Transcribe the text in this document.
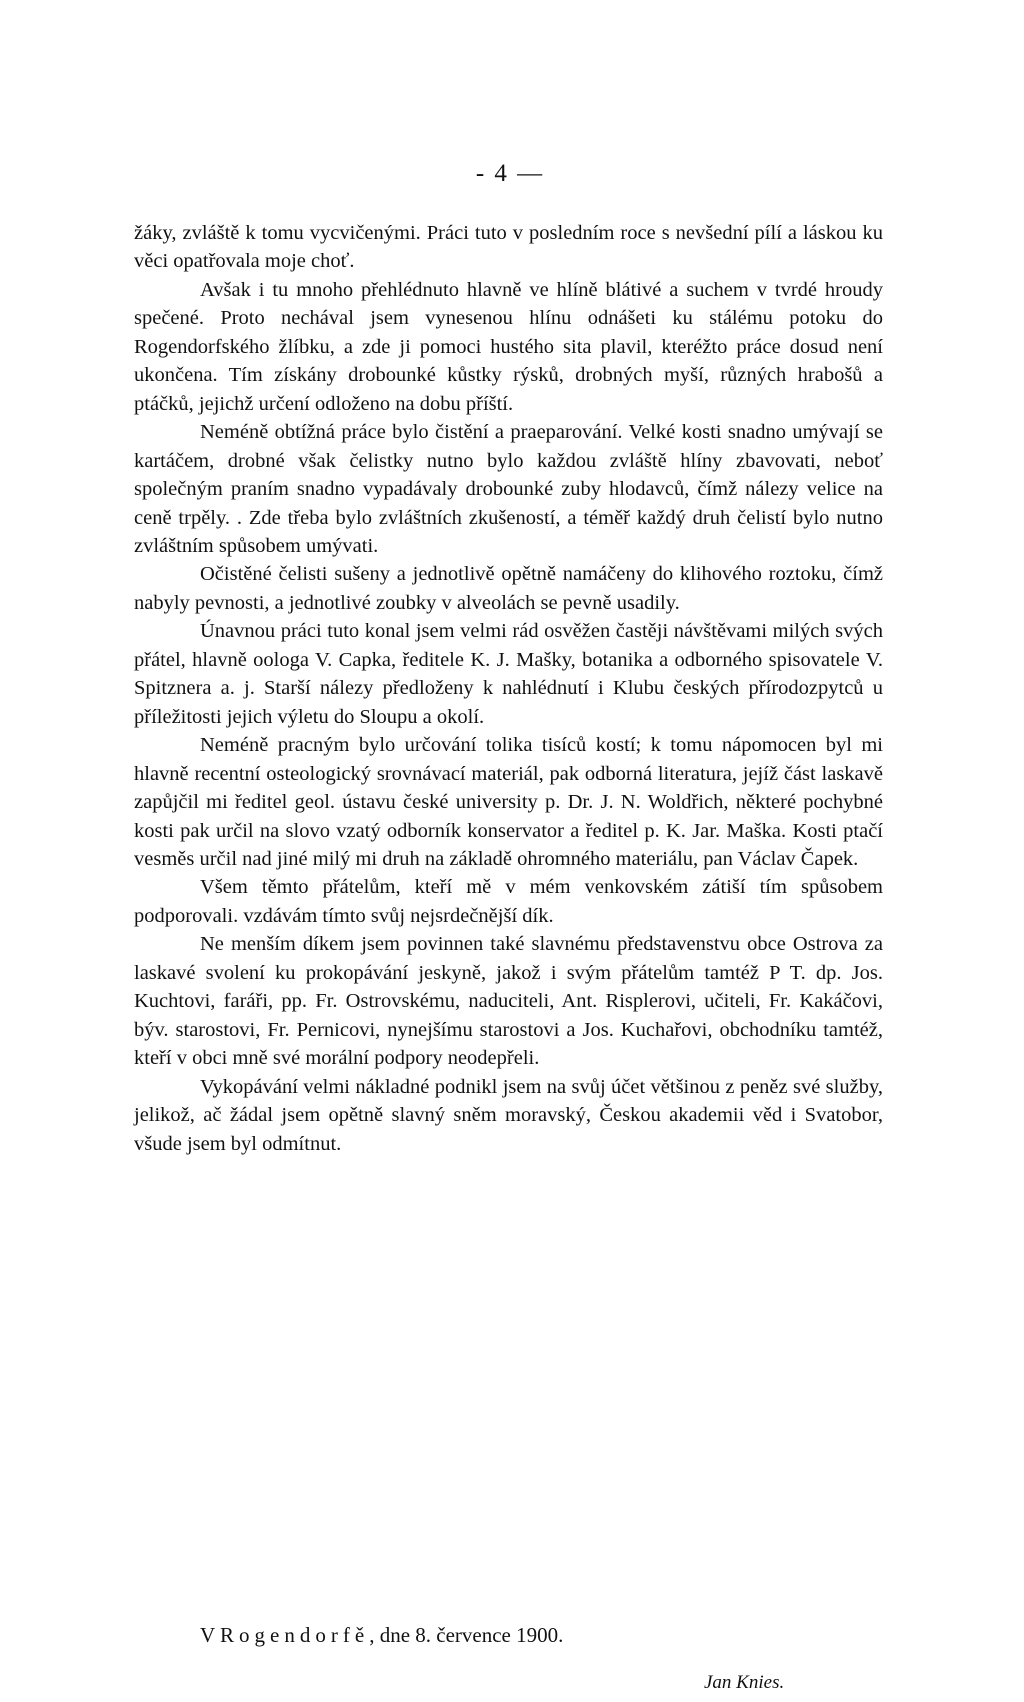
- 4 —

žáky, zvláště k tomu vycvičenými. Práci tuto v posledním roce s nevšední pílí a láskou ku věci opatřovala moje choť.

Avšak i tu mnoho přehlédnuto hlavně ve hlíně blátivé a suchem v tvrdé hroudy spečené. Proto nechával jsem vynesenou hlínu odnášeti ku stálému potoku do Rogendorfského žlíbku, a zde ji pomoci hustého sita plavil, kteréžto práce dosud není ukončena. Tím získány drobounké kůstky rýsků, drobných myší, různých hrabošů a ptáčků, jejichž určení odloženo na dobu příští.

Neméně obtížná práce bylo čistění a praeparování. Velké kosti snadno umývají se kartáčem, drobné však čelistky nutno bylo každou zvláště hlíny zbavovati, neboť společným praním snadno vypadávaly drobounké zuby hlodavců, čímž nálezy velice na ceně trpěly. . Zde třeba bylo zvláštních zkušeností, a téměř každý druh čelistí bylo nutno zvláštním spůsobem umývati.

Očistěné čelisti sušeny a jednotlivě opětně namáčeny do klihového roztoku, čímž nabyly pevnosti, a jednotlivé zoubky v alveolách se pevně usadily.

Únavnou práci tuto konal jsem velmi rád osvěžen častěji návštěvami milých svých přátel, hlavně oologa V. Capka, ředitele K. J. Mašky, botanika a odborného spisovatele V. Spitznera a. j. Starší nálezy předloženy k nahlédnutí i Klubu českých přírodozpytců u příležitosti jejich výletu do Sloupu a okolí.

Neméně pracným bylo určování tolika tisíců kostí; k tomu nápomocen byl mi hlavně recentní osteologický srovnávací materiál, pak odborná literatura, jejíž část laskavě zapůjčil mi ředitel geol. ústavu české university p. Dr. J. N. Woldřich, některé pochybné kosti pak určil na slovo vzatý odborník konservator a ředitel p. K. Jar. Maška. Kosti ptačí vesměs určil nad jiné milý mi druh na základě ohromného materiálu, pan Václav Čapek.

Všem těmto přátelům, kteří mě v mém venkovském zátiší tím spůsobem podporovali. vzdávám tímto svůj nejsrdečnější dík.

Ne menším díkem jsem povinnen také slavnému představenstvu obce Ostrova za laskavé svolení ku prokopávání jeskyně, jakož i svým přátelům tamtéž P T. dp. Jos. Kuchtovi, faráři, pp. Fr. Ostrovskému, naduciteli, Ant. Risplerovi, učiteli, Fr. Kakáčovi, býv. starostovi, Fr. Pernicovi, nynejšímu starostovi a Jos. Kuchařovi, obchodníku tamtéž, kteří v obci mně své morální podpory neodepřeli.

Vykopávání velmi nákladné podnikl jsem na svůj účet většinou z peněz své služby, jelikož, ač žádal jsem opětně slavný sněm moravský, Českou akademii věd i Svatobor, všude jsem byl odmítnut.

V Rogendorfě, dne 8. července 1900.
Jan Knies.
